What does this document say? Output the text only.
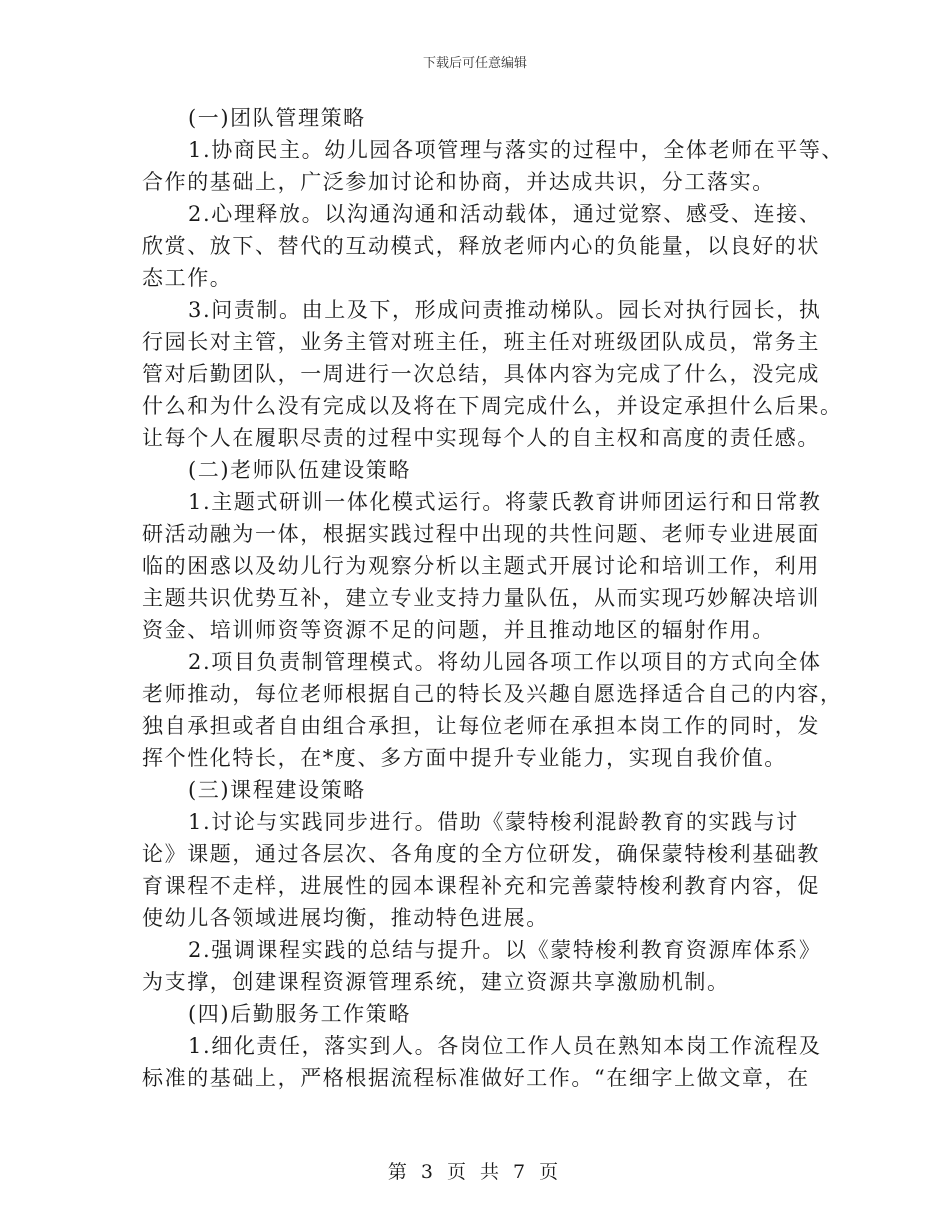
下载后可任意编辑
(一)团队管理策略
1.协商民主。幼儿园各项管理与落实的过程中，全体老师在平等、
合作的基础上，广泛参加讨论和协商，并达成共识，分工落实。
2.心理释放。以沟通沟通和活动载体，通过觉察、感受、连接、
欣赏、放下、替代的互动模式，释放老师内心的负能量，以良好的状
态工作。
3.问责制。由上及下，形成问责推动梯队。园长对执行园长，执
行园长对主管，业务主管对班主任，班主任对班级团队成员，常务主
管对后勤团队，一周进行一次总结，具体内容为完成了什么，没完成
什么和为什么没有完成以及将在下周完成什么，并设定承担什么后果。
让每个人在履职尽责的过程中实现每个人的自主权和高度的责任感。
(二)老师队伍建设策略
1.主题式研训一体化模式运行。将蒙氏教育讲师团运行和日常教
研活动融为一体，根据实践过程中出现的共性问题、老师专业进展面
临的困惑以及幼儿行为观察分析以主题式开展讨论和培训工作，利用
主题共识优势互补，建立专业支持力量队伍，从而实现巧妙解决培训
资金、培训师资等资源不足的问题，并且推动地区的辐射作用。
2.项目负责制管理模式。将幼儿园各项工作以项目的方式向全体
老师推动，每位老师根据自己的特长及兴趣自愿选择适合自己的内容，
独自承担或者自由组合承担，让每位老师在承担本岗工作的同时，发
挥个性化特长，在*度、多方面中提升专业能力，实现自我价值。
(三)课程建设策略
1.讨论与实践同步进行。借助《蒙特梭利混龄教育的实践与讨
论》课题，通过各层次、各角度的全方位研发，确保蒙特梭利基础教
育课程不走样，进展性的园本课程补充和完善蒙特梭利教育内容，促
使幼儿各领域进展均衡，推动特色进展。
2.强调课程实践的总结与提升。以《蒙特梭利教育资源库体系》
为支撑，创建课程资源管理系统，建立资源共享激励机制。
(四)后勤服务工作策略
1.细化责任，落实到人。各岗位工作人员在熟知本岗工作流程及
标准的基础上，严格根据流程标准做好工作。“在细字上做文章，在
第 3 页 共 7 页
